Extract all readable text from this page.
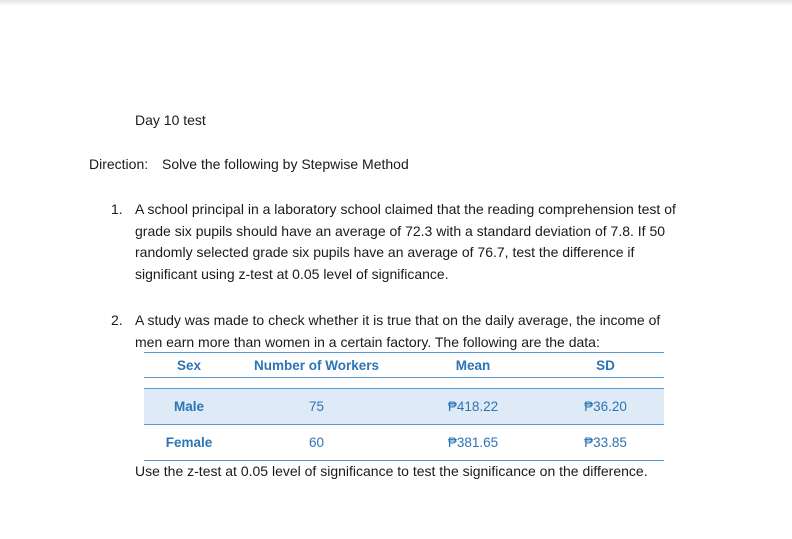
Day 10 test
Direction: Solve the following by Stepwise Method
1. A school principal in a laboratory school claimed that the reading comprehension test of
grade six pupils should have an average of 72.3 with a standard deviation of 7.8. If 50
randomly selected grade six pupils have an average of 76.7, test the difference if
significant using z-test at 0.05 level of significance.
2. A study was made to check whether it is true that on the daily average, the income of
men earn more than women in a certain factory. The following are the data:
Sex	Number of Workers	Mean	SD

Male	75	₱418.22	₱36.20
Female	60	₱381.65	₱33.85
Use the z-test at 0.05 level of significance to test the significance on the difference.
